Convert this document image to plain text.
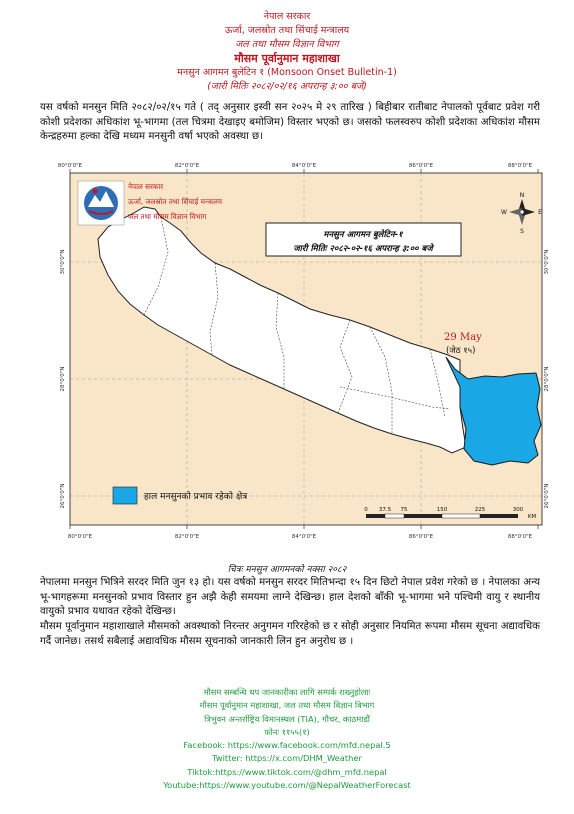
नेपाल सरकार
ऊर्जा, जलस्रोत तथा सिंचाई मन्त्रालय
जल तथा मौसम विज्ञान विभाग
मौसम पूर्वानुमान महाशाखा
मनसुन आगमन बुलेटिन १ (Monsoon Onset Bulletin-1)
(जारी मितिः २०८२/०२/१६ अपरान्ह ३:०० बजे)
यस वर्षको मनसुन मिति २०८२/०२/१५ गते ( तद् अनुसार इस्वी सन २०२५ मे २९ तारिख ) बिहीबार रातीबाट नेपालको पूर्वबाट प्रवेश गरी कोशी प्रदेशका अधिकांश भू-भागमा (तल चित्रमा देखाइए बमोजिम) विस्तार भएको छ। जसको फलस्वरुप कोशी प्रदेशका अधिकांश मौसम केन्द्रहरुमा हल्का देखि मध्यम मनसुनी वर्षा भएको अवस्था छ।
80°0'0"E	82°0'0"E	84°0'0"E	86°0'0"E	88°0'0"E
80°0'0"E	82°0'0"E	84°0'0"E	86°0'0"E	88°0'0"E
30°0'0"N
28°0'0"N
26°0'0"N
30°0'0"N
28°0'0"N
26°0'0"N
29 May
(जेठ १५)
नेपाल सरकार
ऊर्जा, जलस्रोत तथा सिंचाई मन्त्रालय
जल तथा मौसम विज्ञान विभाग
मनसुन आगमन बुलेटिन-१
जारी मितिः २०८२-०२-१६ अपरान्ह ३:०० बजे
N
S
W	E
हाल मनसुनको प्रभाव रहेको क्षेत्र
0 37.5 75	150	225	300
KM
चित्रः मनसुन आगमनको नक्सा २०८२
नेपालमा मनसुन भित्रिने सरदर मिति जुन १३ हो। यस वर्षको मनसुन सरदर मितिभन्दा १५ दिन छिटो नेपाल प्रवेश गरेको छ । नेपालका अन्य भू-भागहरूमा मनसुनको प्रभाव विस्तार हुन अझै केही समयमा लाग्ने देखिन्छ। हाल देशको बाँकी भू-भागमा भने पश्चिमी वायु र स्थानीय वायुको प्रभाव यथावत रहेको देखिन्छ।
मौसम पूर्वानुमान महाशाखाले मौसमको अवस्थाको निरन्तर अनुगमन गरिरहेको छ र सोही अनुसार नियमित रूपमा मौसम सूचना अद्यावधिक गर्दै जानेछ। तसर्थ सबैलाई अद्यावधिक मौसम सूचनाको जानकारी लिन हुन अनुरोध छ ।
मौसम सम्बन्धि थप जानकारीका लागि सम्पर्क राख्नुहोलाः
मौसम पूर्वानुमान महाशाखा, जल तथा मौसम विज्ञान विभाग
त्रिभुवन अन्तर्राष्ट्रिय विमानस्थल (TIA), गौचर, काठमाडौं
फोनः ११५५(१)
Facebook: https://www.facebook.com/mfd.nepal.5
Twitter: https://x.com/DHM_Weather
Tiktok:https://www.tiktok.com/@dhm_mfd.nepal
Youtube:https://www.youtube.com/@NepalWeatherForecast
